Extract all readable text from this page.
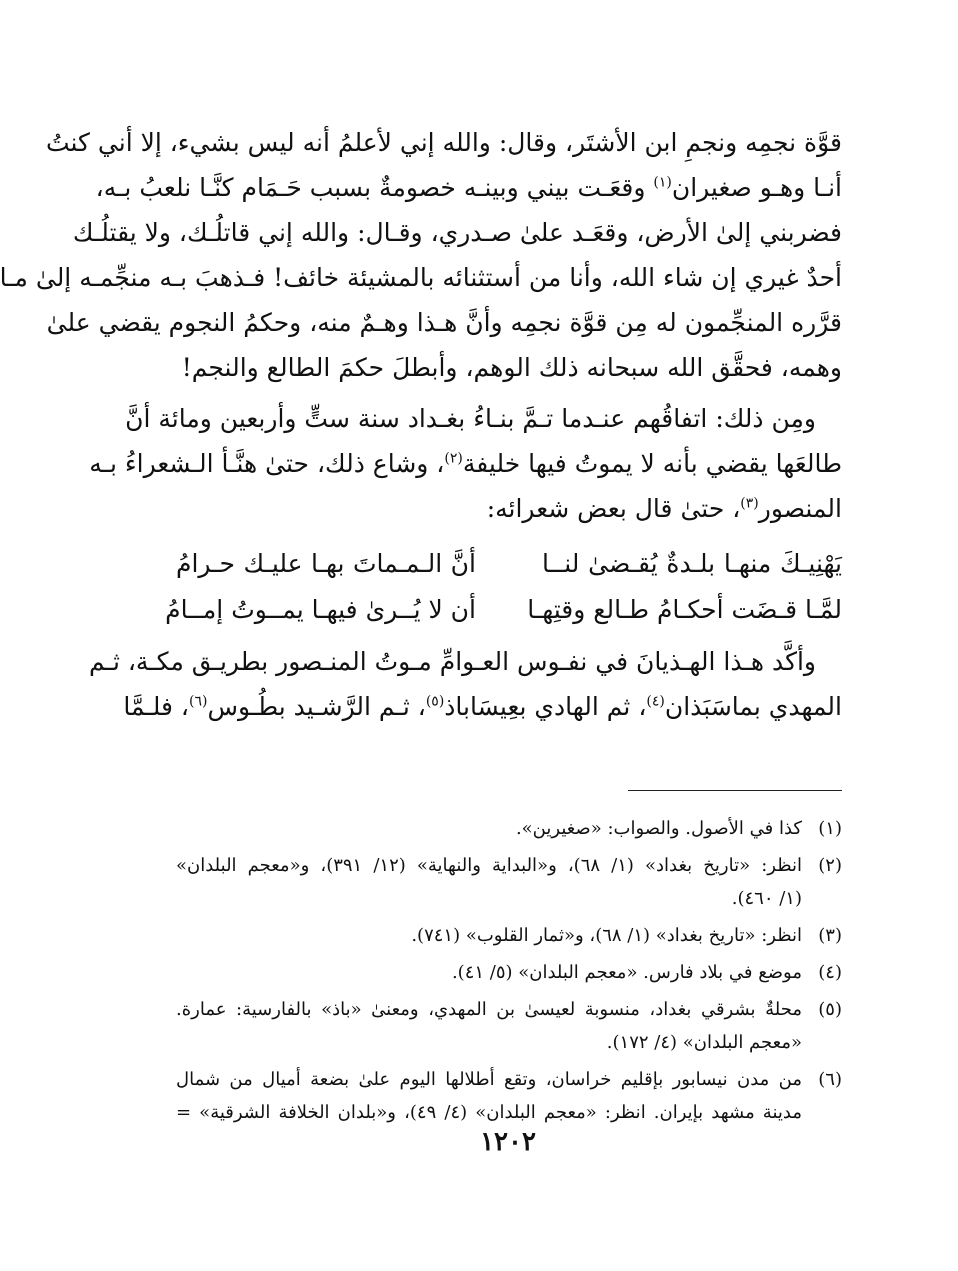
قوَّة نجمِه ونجمِ ابن الأشتَر، وقال: والله إني لأعلمُ أنه ليس بشيء، إلا أني كنتُ
أنـا وهـو صغيران$^{(١)}$ وقعَـت بيني وبينـه خصومةٌ بسبب حَـمَام كنَّـا نلعبُ بـه،
فضربني إلىٰ الأرض، وقعَـد علىٰ صـدري، وقـال: والله إني قاتلُـك، ولا يقتلُـك
أحدٌ غيري إن شاء الله، وأنا من أستثنائه بالمشيئة خائف! فـذهبَ بـه منجِّمـه إلىٰ مـا
قرَّره المنجِّمون له مِن قوَّة نجمِه وأنَّ هـذا وهـمٌ منه، وحكمُ النجوم يقضي علىٰ
وهمه، فحقَّق الله سبحانه ذلك الوهم، وأبطلَ حكمَ الطالع والنجم!
ومِن ذلك: اتفاقُهم عنـدما تـمَّ بنـاءُ بغـداد سنة ستٍّ وأربعين ومائة أنَّ
طالعَها يقضي بأنه لا يموتُ فيها خليفة$^{(٢)}$، وشاع ذلك، حتىٰ هنَّـأ الـشعراءُ بـه
المنصور$^{(٣)}$، حتىٰ قال بعض شعرائه:
يَهْنِيـكَ منهـا بلـدةٌ يُقـضىٰ لنــا
أنَّ الـمـماتَ بهـا عليـك حـرامُ
لمَّـا قـضَت أحكـامُ طـالع وقتِهـا
أن لا يُــرىٰ فيهـا يمــوتُ إمــامُ
وأكَّد هـذا الهـذيانَ في نفـوس العـوامِّ مـوتُ المنـصور بطريـق مكـة، ثـم
المهدي بماسَبَذان$^{(٤)}$، ثم الهادي بعِيسَاباذ$^{(٥)}$، ثـم الرَّشـيد بطُـوس$^{(٦)}$، فلـمَّا
(١)
كذا في الأصول. والصواب: «صغيرين».
(٢)
انظر: «تاريخ بغداد» (١/ ٦٨)، و«البداية والنهاية» (١٢/ ٣٩١)، و«معجم البلدان»
(١/ ٤٦٠).
(٣)
انظر: «تاريخ بغداد» (١/ ٦٨)، و«ثمار القلوب» (٧٤١).
(٤)
موضع في بلاد فارس. «معجم البلدان» (٥/ ٤١).
(٥)
محلةٌ بشرقي بغداد، منسوبة لعيسىٰ بن المهدي، ومعنىٰ «باذ» بالفارسية: عمارة.
«معجم البلدان» (٤/ ١٧٢).
(٦)
من مدن نيسابور بإقليم خراسان، وتقع أطلالها اليوم علىٰ بضعة أميال من شمال
مدينة مشهد بإيران. انظر: «معجم البلدان» (٤/ ٤٩)، و«بلدان الخلافة الشرقية» =
١٢٠٢
